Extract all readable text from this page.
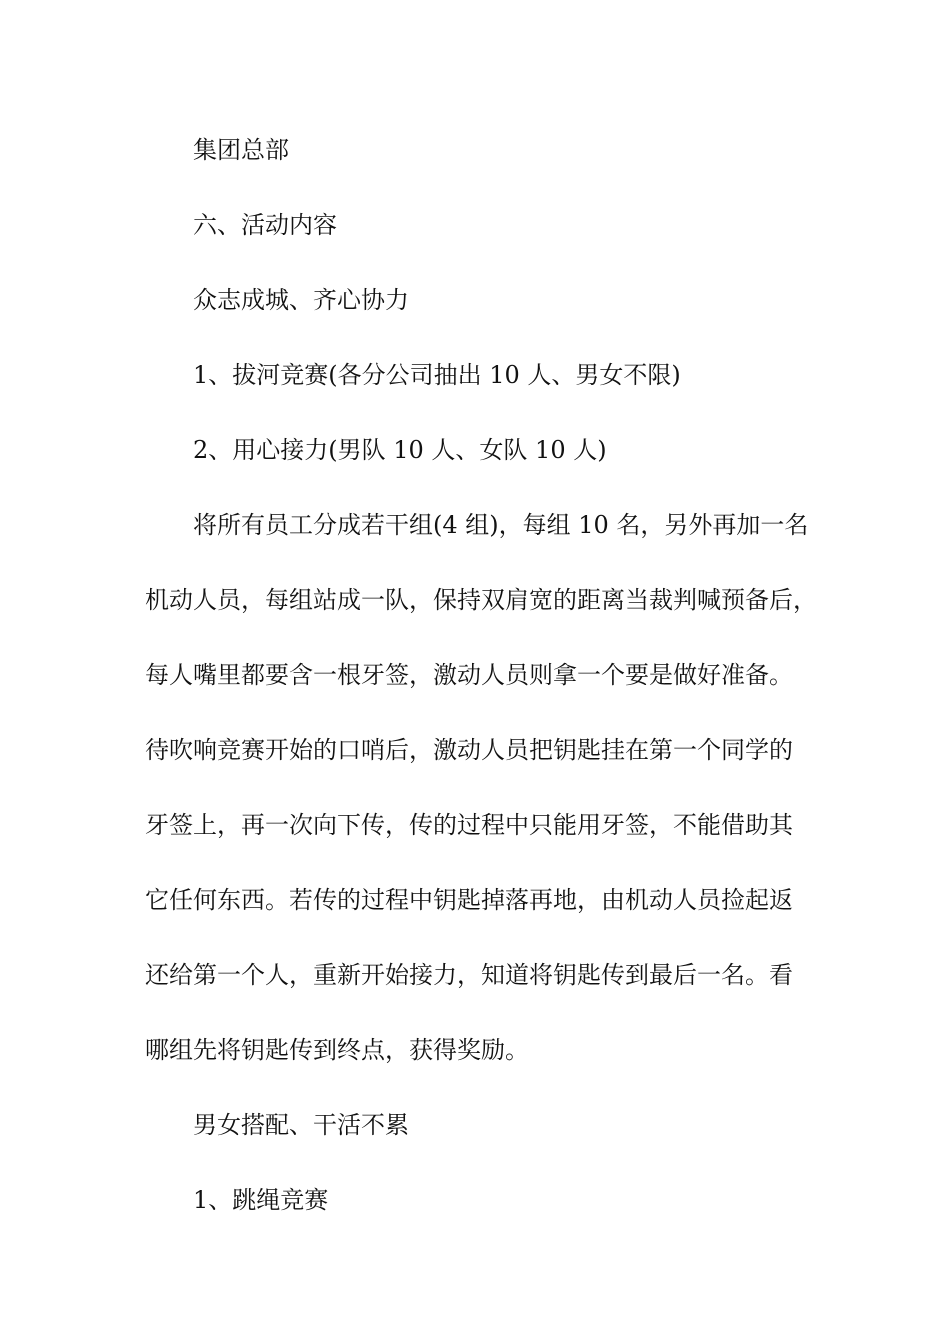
集团总部
六、活动内容
众志成城、齐心协力
1、拔河竞赛(各分公司抽出 10 人、男女不限)
2、用心接力(男队 10 人、女队 10 人)
将所有员工分成若干组(4 组)，每组 10 名，另外再加一名
机动人员，每组站成一队，保持双肩宽的距离当裁判喊预备后，
每人嘴里都要含一根牙签，激动人员则拿一个要是做好准备。
待吹响竞赛开始的口哨后，激动人员把钥匙挂在第一个同学的
牙签上，再一次向下传，传的过程中只能用牙签，不能借助其
它任何东西。若传的过程中钥匙掉落再地，由机动人员捡起返
还给第一个人，重新开始接力，知道将钥匙传到最后一名。看
哪组先将钥匙传到终点，获得奖励。
男女搭配、干活不累
1、跳绳竞赛
